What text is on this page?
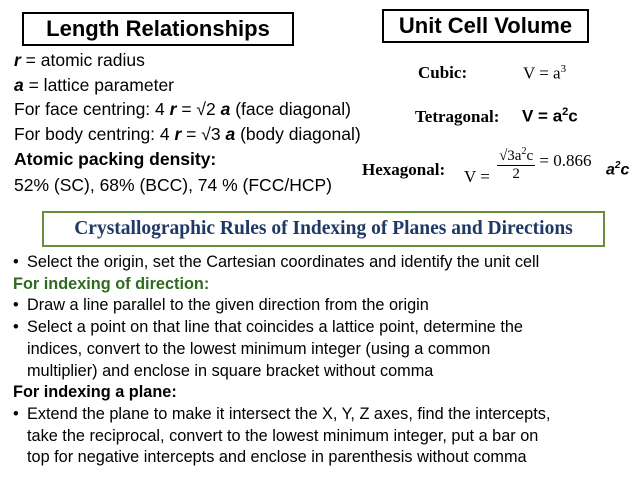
Length Relationships	Unit Cell Volume
r = atomic radius
a = lattice parameter
For face centring: 4 r = √2 a (face diagonal)
For body centring: 4 r = √3 a (body diagonal)
Atomic packing density:
52% (SC), 68% (BCC), 74 % (FCC/HCP)
Cubic:	$V = a^3$
Tetragonal: $V = a^2c$
Hexagonal: $V = \frac{√3a^2c}{2} = 0.866$ $a^2c$
Crystallographic Rules of Indexing of Planes and Directions
• Select the origin, set the Cartesian coordinates and identify the unit cell
For indexing of direction:
• Draw a line parallel to the given direction from the origin
• Select a point on that line that coincides a lattice point, determine the
indices, convert to the lowest minimum integer (using a common
multiplier) and enclose in square bracket without comma
For indexing a plane:
• Extend the plane to make it intersect the X, Y, Z axes, find the intercepts,
take the reciprocal, convert to the lowest minimum integer, put a bar on
top for negative intercepts and enclose in parenthesis without comma
